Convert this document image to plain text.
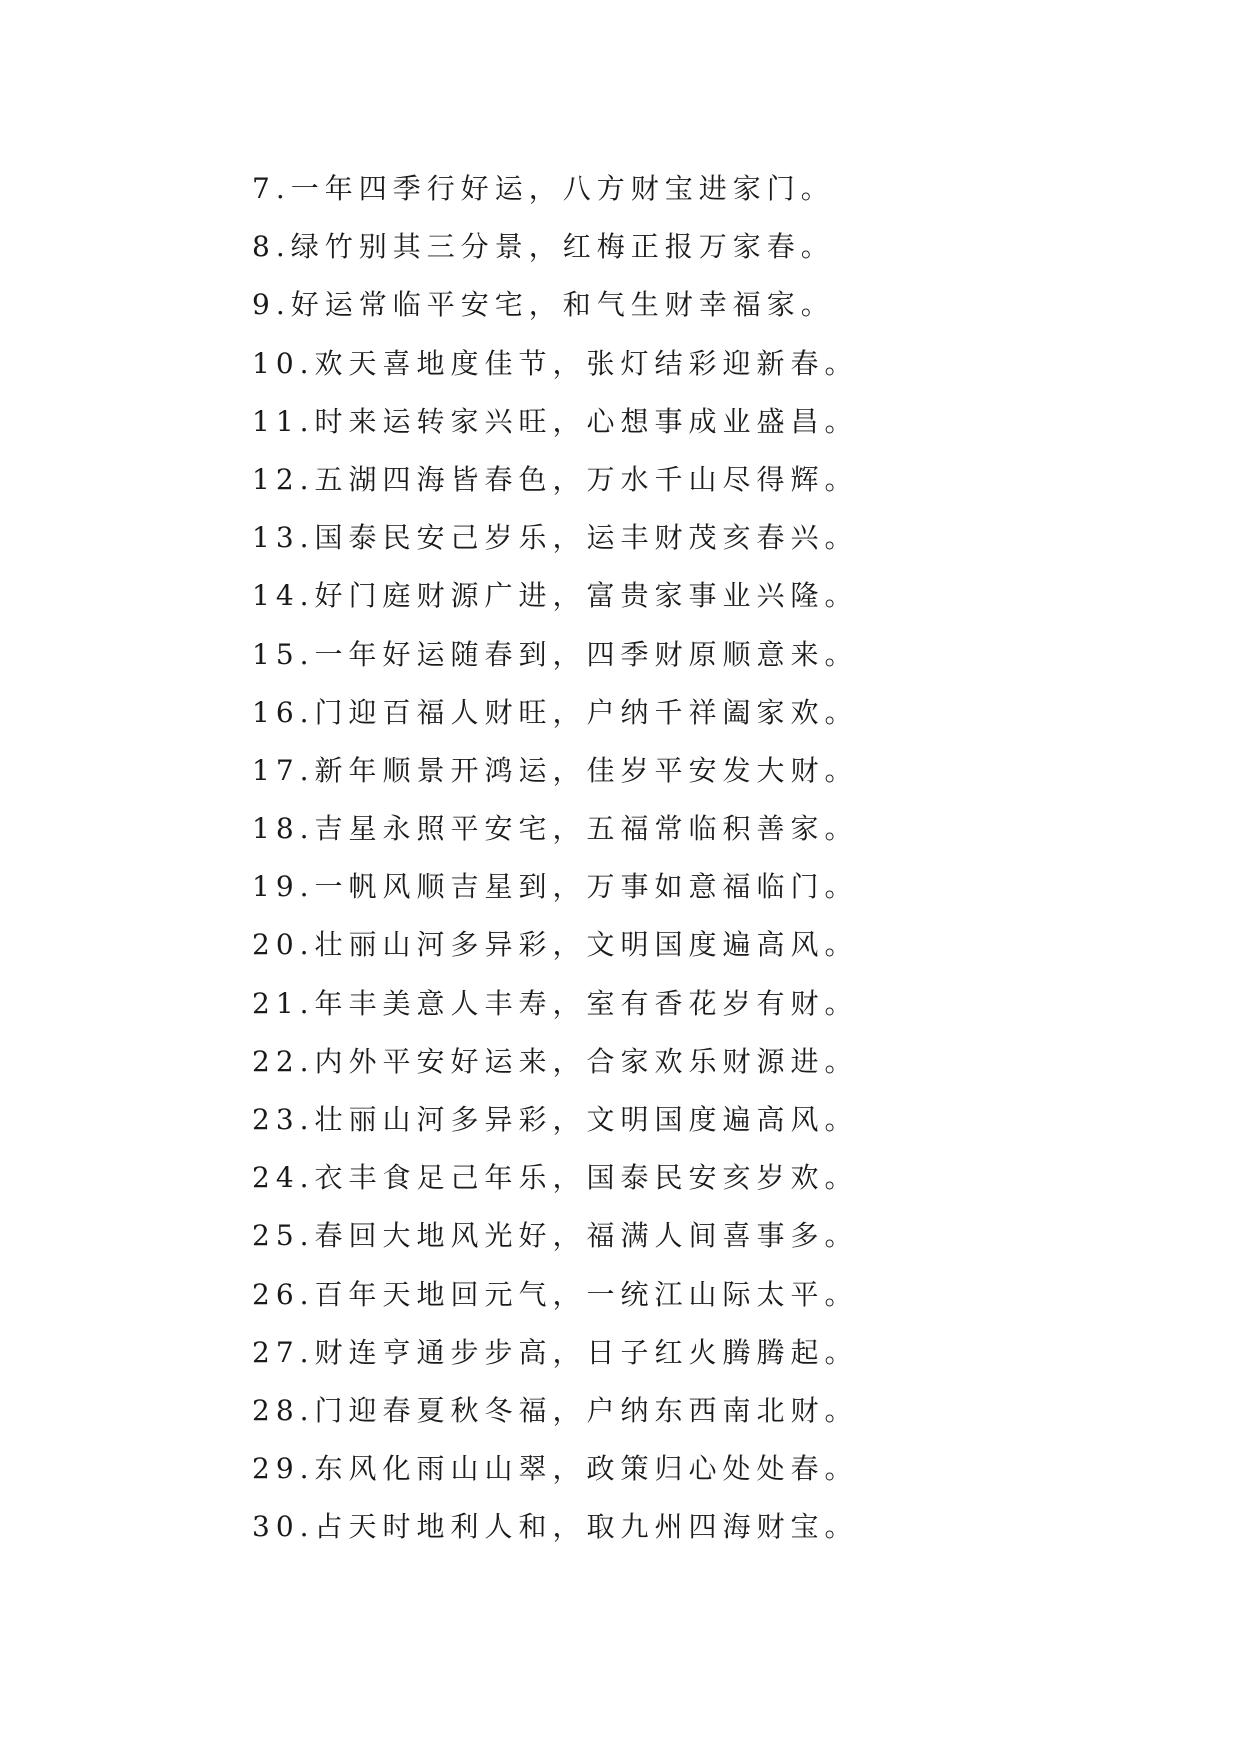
7.一年四季行好运，八方财宝进家门。
8.绿竹别其三分景，红梅正报万家春。
9.好运常临平安宅，和气生财幸福家。
10.欢天喜地度佳节，张灯结彩迎新春。
11.时来运转家兴旺，心想事成业盛昌。
12.五湖四海皆春色，万水千山尽得辉。
13.国泰民安己岁乐，运丰财茂亥春兴。
14.好门庭财源广进，富贵家事业兴隆。
15.一年好运随春到，四季财原顺意来。
16.门迎百福人财旺，户纳千祥阖家欢。
17.新年顺景开鸿运，佳岁平安发大财。
18.吉星永照平安宅，五福常临积善家。
19.一帆风顺吉星到，万事如意福临门。
20.壮丽山河多异彩，文明国度遍高风。
21.年丰美意人丰寿，室有香花岁有财。
22.内外平安好运来，合家欢乐财源进。
23.壮丽山河多异彩，文明国度遍高风。
24.衣丰食足己年乐，国泰民安亥岁欢。
25.春回大地风光好，福满人间喜事多。
26.百年天地回元气，一统江山际太平。
27.财连亨通步步高，日子红火腾腾起。
28.门迎春夏秋冬福，户纳东西南北财。
29.东风化雨山山翠，政策归心处处春。
30.占天时地利人和，取九州四海财宝。
